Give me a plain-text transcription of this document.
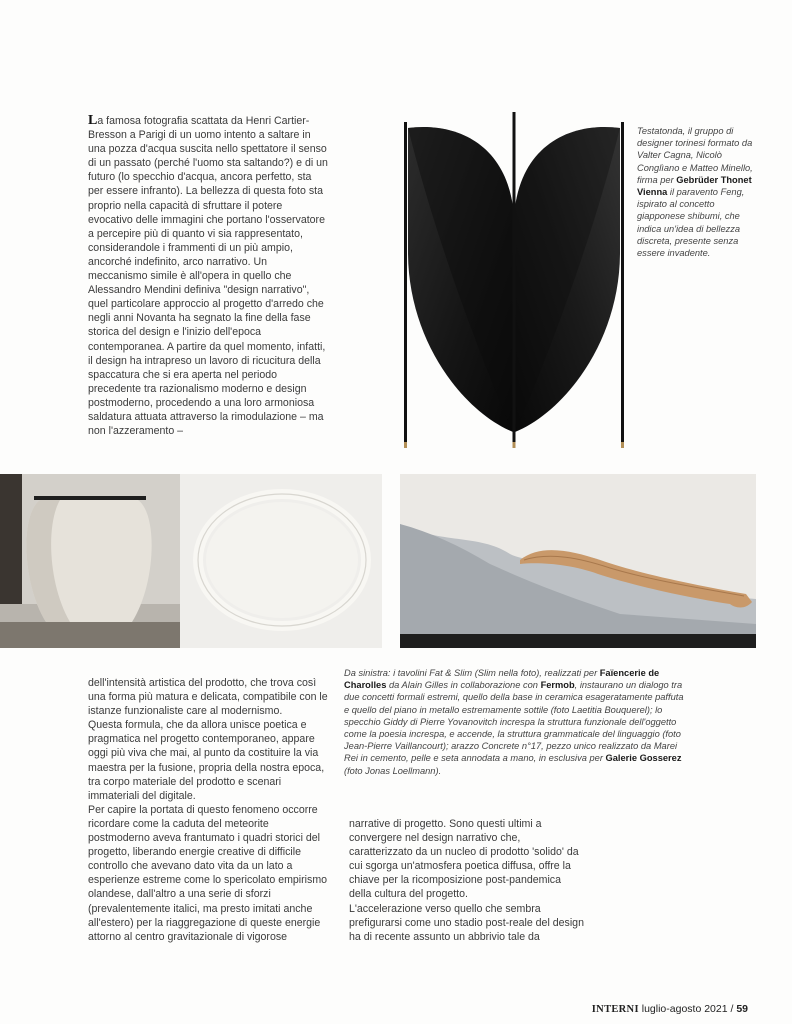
La famosa fotografia scattata da Henri Cartier-Bresson a Parigi di un uomo intento a saltare in una pozza d'acqua suscita nello spettatore il senso di un passato (perché l'uomo sta saltando?) e di un futuro (lo specchio d'acqua, ancora perfetto, sta per essere infranto). La bellezza di questa foto sta proprio nella capacità di sfruttare il potere evocativo delle immagini che portano l'osservatore a percepire più di quanto vi sia rappresentato, considerandole i frammenti di un più ampio, ancorché indefinito, arco narrativo. Un meccanismo simile è all'opera in quello che Alessandro Mendini definiva "design narrativo", quel particolare approccio al progetto d'arredo che negli anni Novanta ha segnato la fine della fase storica del design e l'inizio dell'epoca contemporanea. A partire da quel momento, infatti, il design ha intrapreso un lavoro di ricucitura della spaccatura che si era aperta nel periodo precedente tra razionalismo moderno e design postmoderno, procedendo a una loro armoniosa saldatura attuata attraverso la rimodulazione – ma non l'azzeramento –

Testatonda, il gruppo di designer torinesi formato da Valter Cagna, Nicolò Conglìano e Matteo Minello, firma per Gebrüder Thonet Vienna il paravento Feng, ispirato al concetto giapponese shibumi, che indica un'idea di bellezza discreta, presente senza essere invadente.

dell'intensità artistica del prodotto, che trova così una forma più matura e delicata, compatibile con le istanze funzionaliste care al modernismo.

Questa formula, che da allora unisce poetica e pragmatica nel progetto contemporaneo, appare oggi più viva che mai, al punto da costituire la via maestra per la fusione, propria della nostra epoca, tra corpo materiale del prodotto e scenari immateriali del digitale.

Per capire la portata di questo fenomeno occorre ricordare come la caduta del meteorite postmoderno aveva frantumato i quadri storici del progetto, liberando energie creative di difficile controllo che avevano dato vita da un lato a esperienze estreme come lo spericolato empirismo olandese, dall'altro a una serie di sforzi (prevalentemente italici, ma presto imitati anche all'estero) per la riaggregazione di queste energie attorno al centro gravitazionale di vigorose

Da sinistra: i tavolini Fat & Slim (Slim nella foto), realizzati per Faïencerie de Charolles da Alain Gilles in collaborazione con Fermob, instaurano un dialogo tra due concetti formali estremi, quello della base in ceramica esageratamente paffuta e quello del piano in metallo estremamente sottile (foto Laetitia Bouquerel); lo specchio Giddy di Pierre Yovanovitch increspa la struttura funzionale dell'oggetto come la poesia increspa, e accende, la struttura grammaticale del linguaggio (foto Jean-Pierre Vaillancourt); arazzo Concrete n°17, pezzo unico realizzato da Marei Rei in cemento, pelle e seta annodata a mano, in esclusiva per Galerie Gosserez (foto Jonas Loellmann).

narrative di progetto. Sono questi ultimi a convergere nel design narrativo che, caratterizzato da un nucleo di prodotto 'solido' da cui sgorga un'atmosfera poetica diffusa, offre la chiave per la ricomposizione post-pandemica della cultura del progetto.

L'accelerazione verso quello che sembra prefigurarsi come uno stadio post-reale del design ha di recente assunto un abbrivio tale da

INTERNI luglio-agosto 2021 / 59
